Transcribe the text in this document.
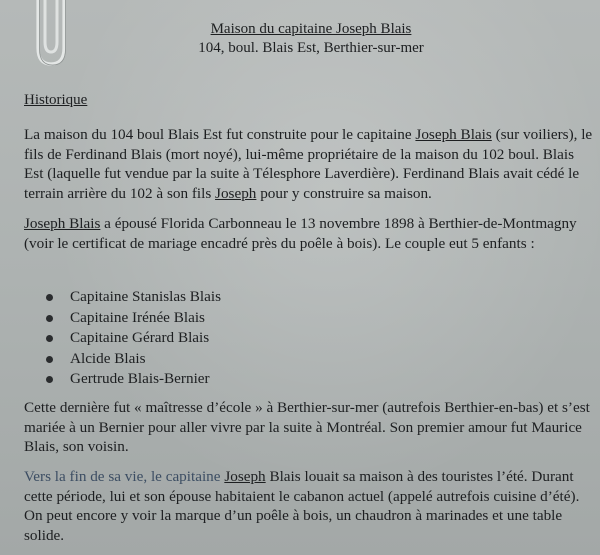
Maison du capitaine Joseph Blais
104, boul. Blais Est, Berthier-sur-mer
Historique
La maison du 104 boul Blais Est fut construite pour le capitaine Joseph Blais (sur voiliers), le fils de Ferdinand Blais (mort noyé), lui-même propriétaire de la maison du 102 boul. Blais Est (laquelle fut vendue par la suite à Télesphore Laverdière). Ferdinand Blais avait cédé le terrain arrière du 102 à son fils Joseph pour y construire sa maison.
Joseph Blais a épousé Florida Carbonneau le 13 novembre 1898 à Berthier-de-Montmagny (voir le certificat de mariage encadré près du poêle à bois). Le couple eut 5 enfants :
Capitaine Stanislas Blais
Capitaine Irénée Blais
Capitaine Gérard Blais
Alcide Blais
Gertrude Blais-Bernier
Cette dernière fut « maîtresse d’école » à Berthier-sur-mer (autrefois Berthier-en-bas) et s’est mariée à un Bernier pour aller vivre par la suite à Montréal. Son premier amour fut Maurice Blais, son voisin.
Vers la fin de sa vie, le capitaine Joseph Blais louait sa maison à des touristes l’été. Durant cette période, lui et son épouse habitaient le cabanon actuel (appelé autrefois cuisine d’été). On peut encore y voir la marque d’un poêle à bois, un chaudron à marinades et une table solide.
